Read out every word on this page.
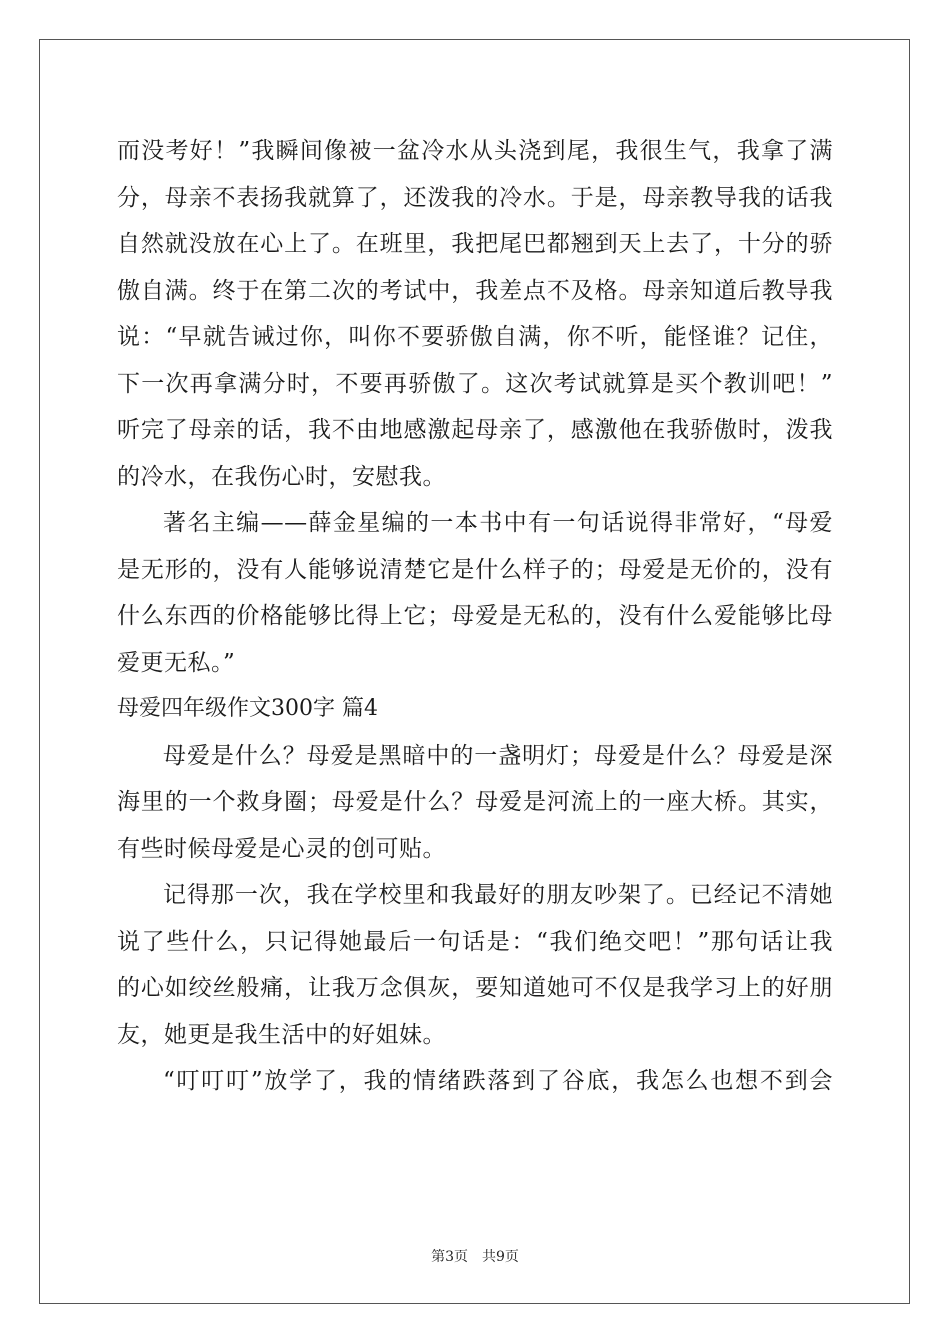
而没考好！”我瞬间像被一盆冷水从头浇到尾，我很生气，我拿了满
分，母亲不表扬我就算了，还泼我的冷水。于是，母亲教导我的话我
自然就没放在心上了。在班里，我把尾巴都翘到天上去了，十分的骄
傲自满。终于在第二次的考试中，我差点不及格。母亲知道后教导我
说：“早就告诫过你，叫你不要骄傲自满，你不听，能怪谁？记住，
下一次再拿满分时，不要再骄傲了。这次考试就算是买个教训吧！”
听完了母亲的话，我不由地感激起母亲了，感激他在我骄傲时，泼我
的冷水，在我伤心时，安慰我。
著名主编——薛金星编的一本书中有一句话说得非常好，“母爱
是无形的，没有人能够说清楚它是什么样子的；母爱是无价的，没有
什么东西的价格能够比得上它；母爱是无私的，没有什么爱能够比母
爱更无私。”
母爱四年级作文300字 篇4
母爱是什么？母爱是黑暗中的一盏明灯；母爱是什么？母爱是深
海里的一个救身圈；母爱是什么？母爱是河流上的一座大桥。其实，
有些时候母爱是心灵的创可贴。
记得那一次，我在学校里和我最好的朋友吵架了。已经记不清她
说了些什么，只记得她最后一句话是：“我们绝交吧！”那句话让我
的心如绞丝般痛，让我万念俱灰，要知道她可不仅是我学习上的好朋
友，她更是我生活中的好姐妹。
“叮叮叮”放学了，我的情绪跌落到了谷底，我怎么也想不到会
第3页　共9页
